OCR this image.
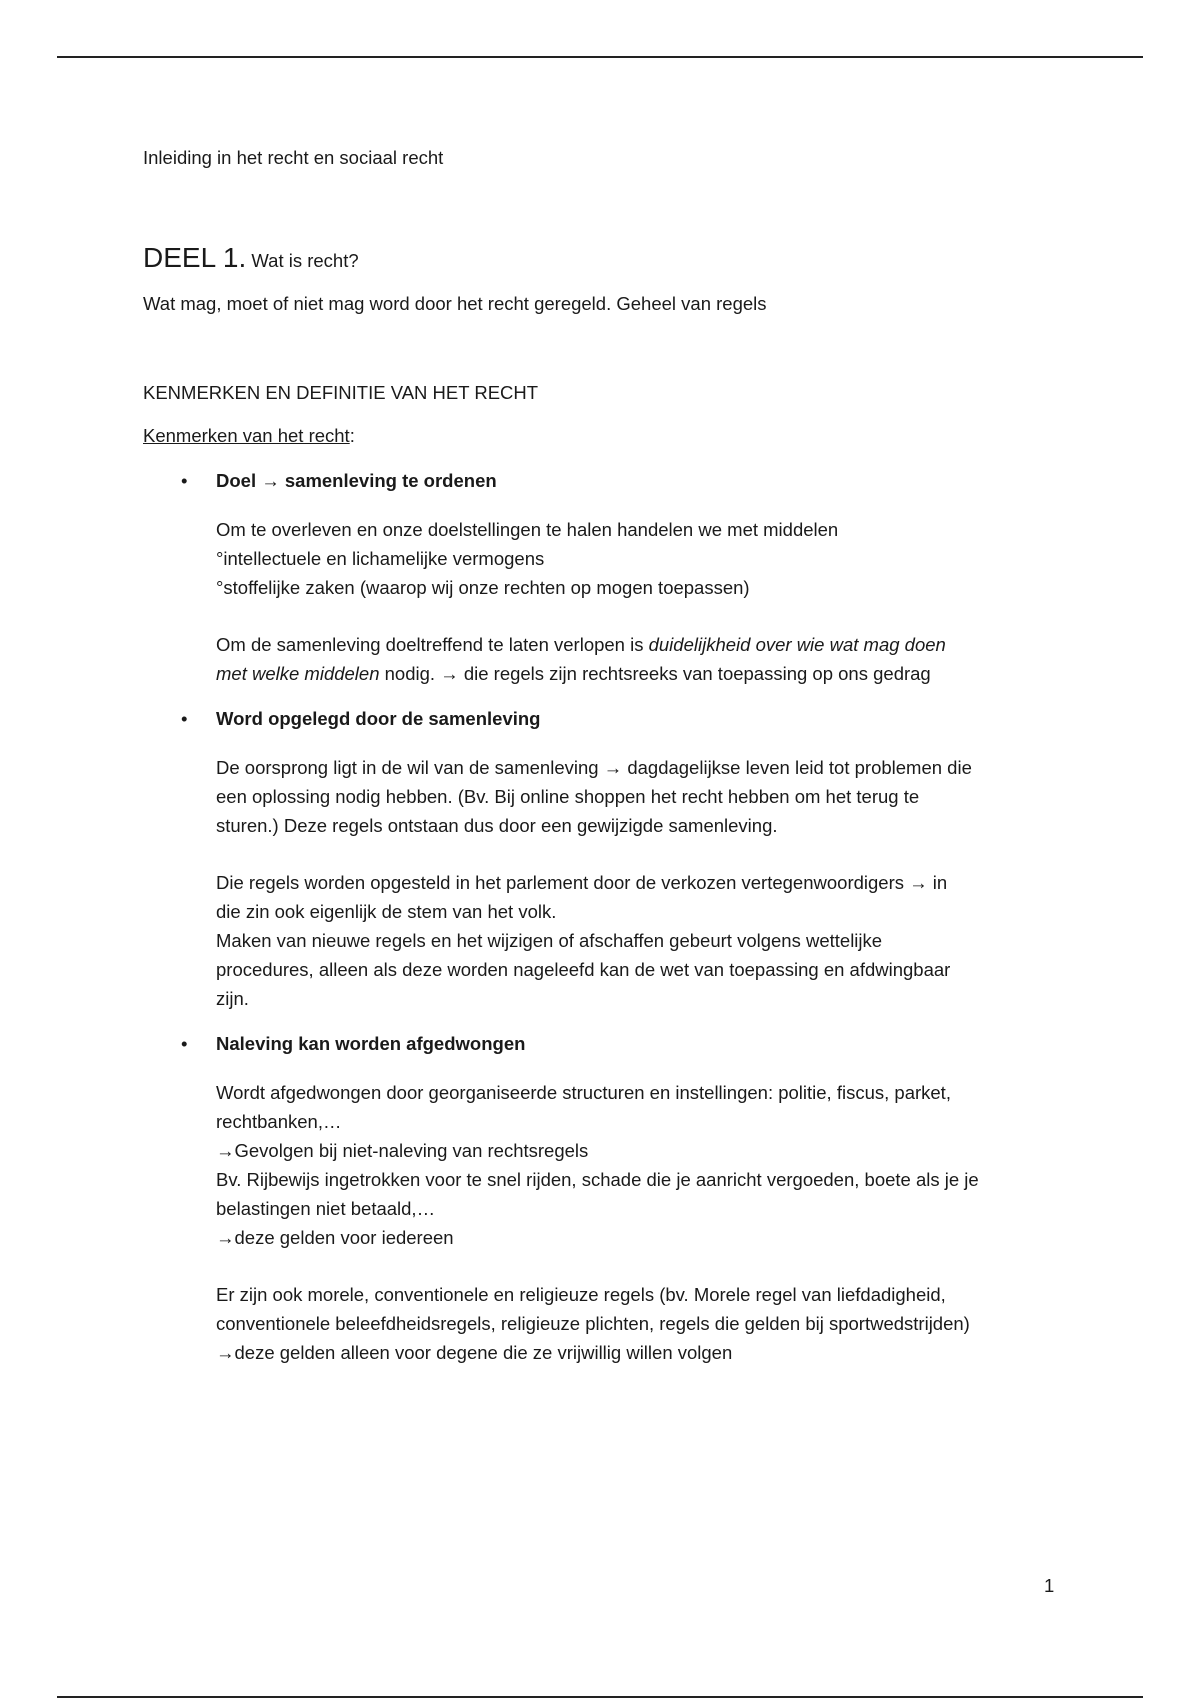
Inleiding in het recht en sociaal recht

DEEL 1. Wat is recht?

Wat mag, moet of niet mag word door het recht geregeld. Geheel van regels

KENMERKEN EN DEFINITIE VAN HET RECHT

Kenmerken van het recht:

• Doel → samenleving te ordenen
Om te overleven en onze doelstellingen te halen handelen we met middelen
°intellectuele en lichamelijke vermogens
°stoffelijke zaken (waarop wij onze rechten op mogen toepassen)
Om de samenleving doeltreffend te laten verlopen is duidelijkheid over wie wat mag doen
met welke middelen nodig. → die regels zijn rechtsreeks van toepassing op ons gedrag
• Word opgelegd door de samenleving
De oorsprong ligt in de wil van de samenleving → dagdagelijkse leven leid tot problemen die
een oplossing nodig hebben. (Bv. Bij online shoppen het recht hebben om het terug te
sturen.) Deze regels ontstaan dus door een gewijzigde samenleving.
Die regels worden opgesteld in het parlement door de verkozen vertegenwoordigers → in
die zin ook eigenlijk de stem van het volk.
Maken van nieuwe regels en het wijzigen of afschaffen gebeurt volgens wettelijke
procedures, alleen als deze worden nageleefd kan de wet van toepassing en afdwingbaar
zijn.
• Naleving kan worden afgedwongen
Wordt afgedwongen door georganiseerde structuren en instellingen: politie, fiscus, parket,
rechtbanken,…
→Gevolgen bij niet-naleving van rechtsregels
Bv. Rijbewijs ingetrokken voor te snel rijden, schade die je aanricht vergoeden, boete als je je
belastingen niet betaald,…
→deze gelden voor iedereen
Er zijn ook morele, conventionele en religieuze regels (bv. Morele regel van liefdadigheid,
conventionele beleefdheidsregels, religieuze plichten, regels die gelden bij sportwedstrijden)
→deze gelden alleen voor degene die ze vrijwillig willen volgen
1
